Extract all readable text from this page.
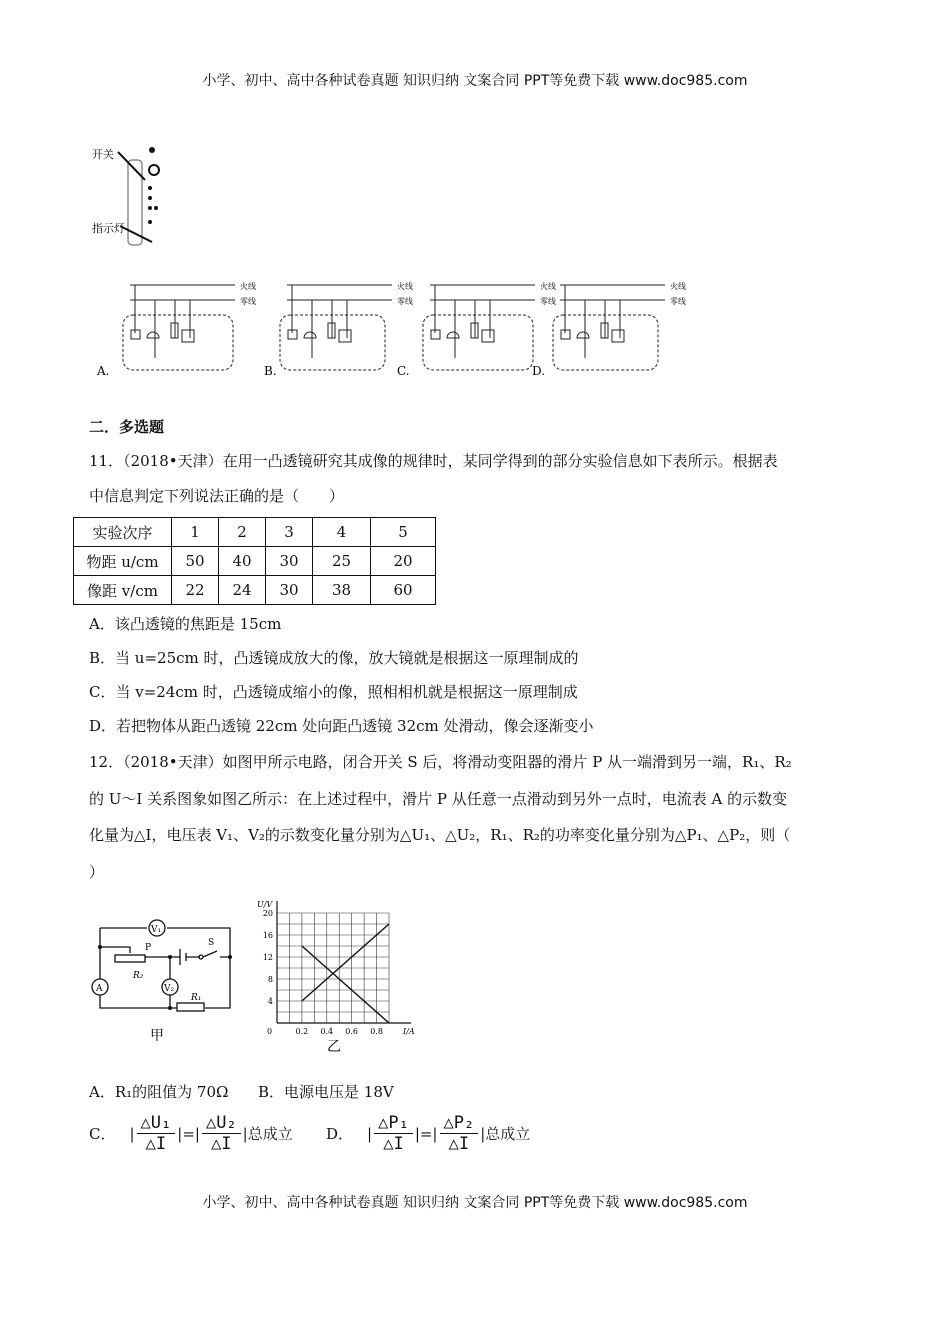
小学、初中、高中各种试卷真题 知识归纳 文案合同 PPT等免费下载 www.doc985.com
开关
指示灯
火线
零线
A.
火线
零线
B.
火线
零线
C.
火线
零线
D.
二．多选题
11．（2018•天津）在用一凸透镜研究其成像的规律时，某同学得到的部分实验信息如下表所示。根据表
中信息判定下列说法正确的是（　　）
实验次序	1	2	3	4	5
物距 u/cm	50	40	30	25	20
像距 v/cm	22	24	30	38	60
A．该凸透镜的焦距是 15cm
B．当 u=25cm 时，凸透镜成放大的像，放大镜就是根据这一原理制成的
C．当 v=24cm 时，凸透镜成缩小的像，照相相机就是根据这一原理制成
D．若把物体从距凸透镜 22cm 处向距凸透镜 32cm 处滑动，像会逐渐变小
12．（2018•天津）如图甲所示电路，闭合开关 S 后，将滑动变阻器的滑片 P 从一端滑到另一端，R₁、R₂
的 U～I 关系图象如图乙所示：在上述过程中，滑片 P 从任意一点滑动到另外一点时，电流表 A 的示数变
化量为△I，电压表 V₁、V₂的示数变化量分别为△U₁、△U₂，R₁、R₂的功率变化量分别为△P₁、△P₂，则（
）
V₁
V₂
A
P
R₂
R₁
S
甲
4
8
12
16
20
0.2 0.4 0.6 0.8
0	I/A
U/V
乙
A．R₁的阻值为 70Ω B．电源电压是 18V
C． | $\frac{\text{△U₁}}{\triangle I}$ |=| $\frac{\text{△U₂}}{\triangle I}$ | 总成立 D． | $\frac{\text{△P₁}}{\triangle I}$ |=| $\frac{\text{△P₂}}{\triangle I}$ | 总成立
小学、初中、高中各种试卷真题 知识归纳 文案合同 PPT等免费下载 www.doc985.com
